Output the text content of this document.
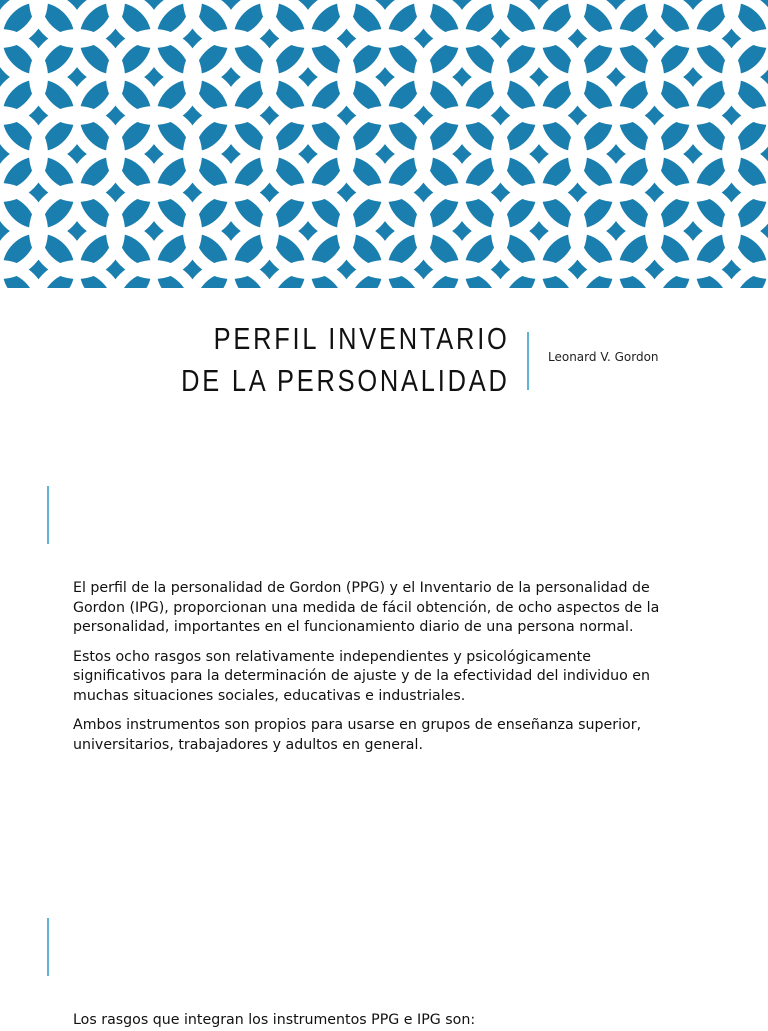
PERFIL INVENTARIO
DE LA PERSONALIDAD
Leonard V. Gordon

El perfil de la personalidad de Gordon (PPG) y el Inventario de la personalidad de Gordon (IPG), proporcionan una medida de fácil obtención, de ocho aspectos de la personalidad, importantes en el funcionamiento diario de una persona normal.

Estos ocho rasgos son relativamente independientes y psicológicamente significativos para la determinación de ajuste y de la efectividad del individuo en muchas situaciones sociales, educativas e industriales.

Ambos instrumentos son propios para usarse en grupos de enseñanza superior, universitarios, trabajadores y adultos en general.

Los rasgos que integran los instrumentos PPG e IPG son:
